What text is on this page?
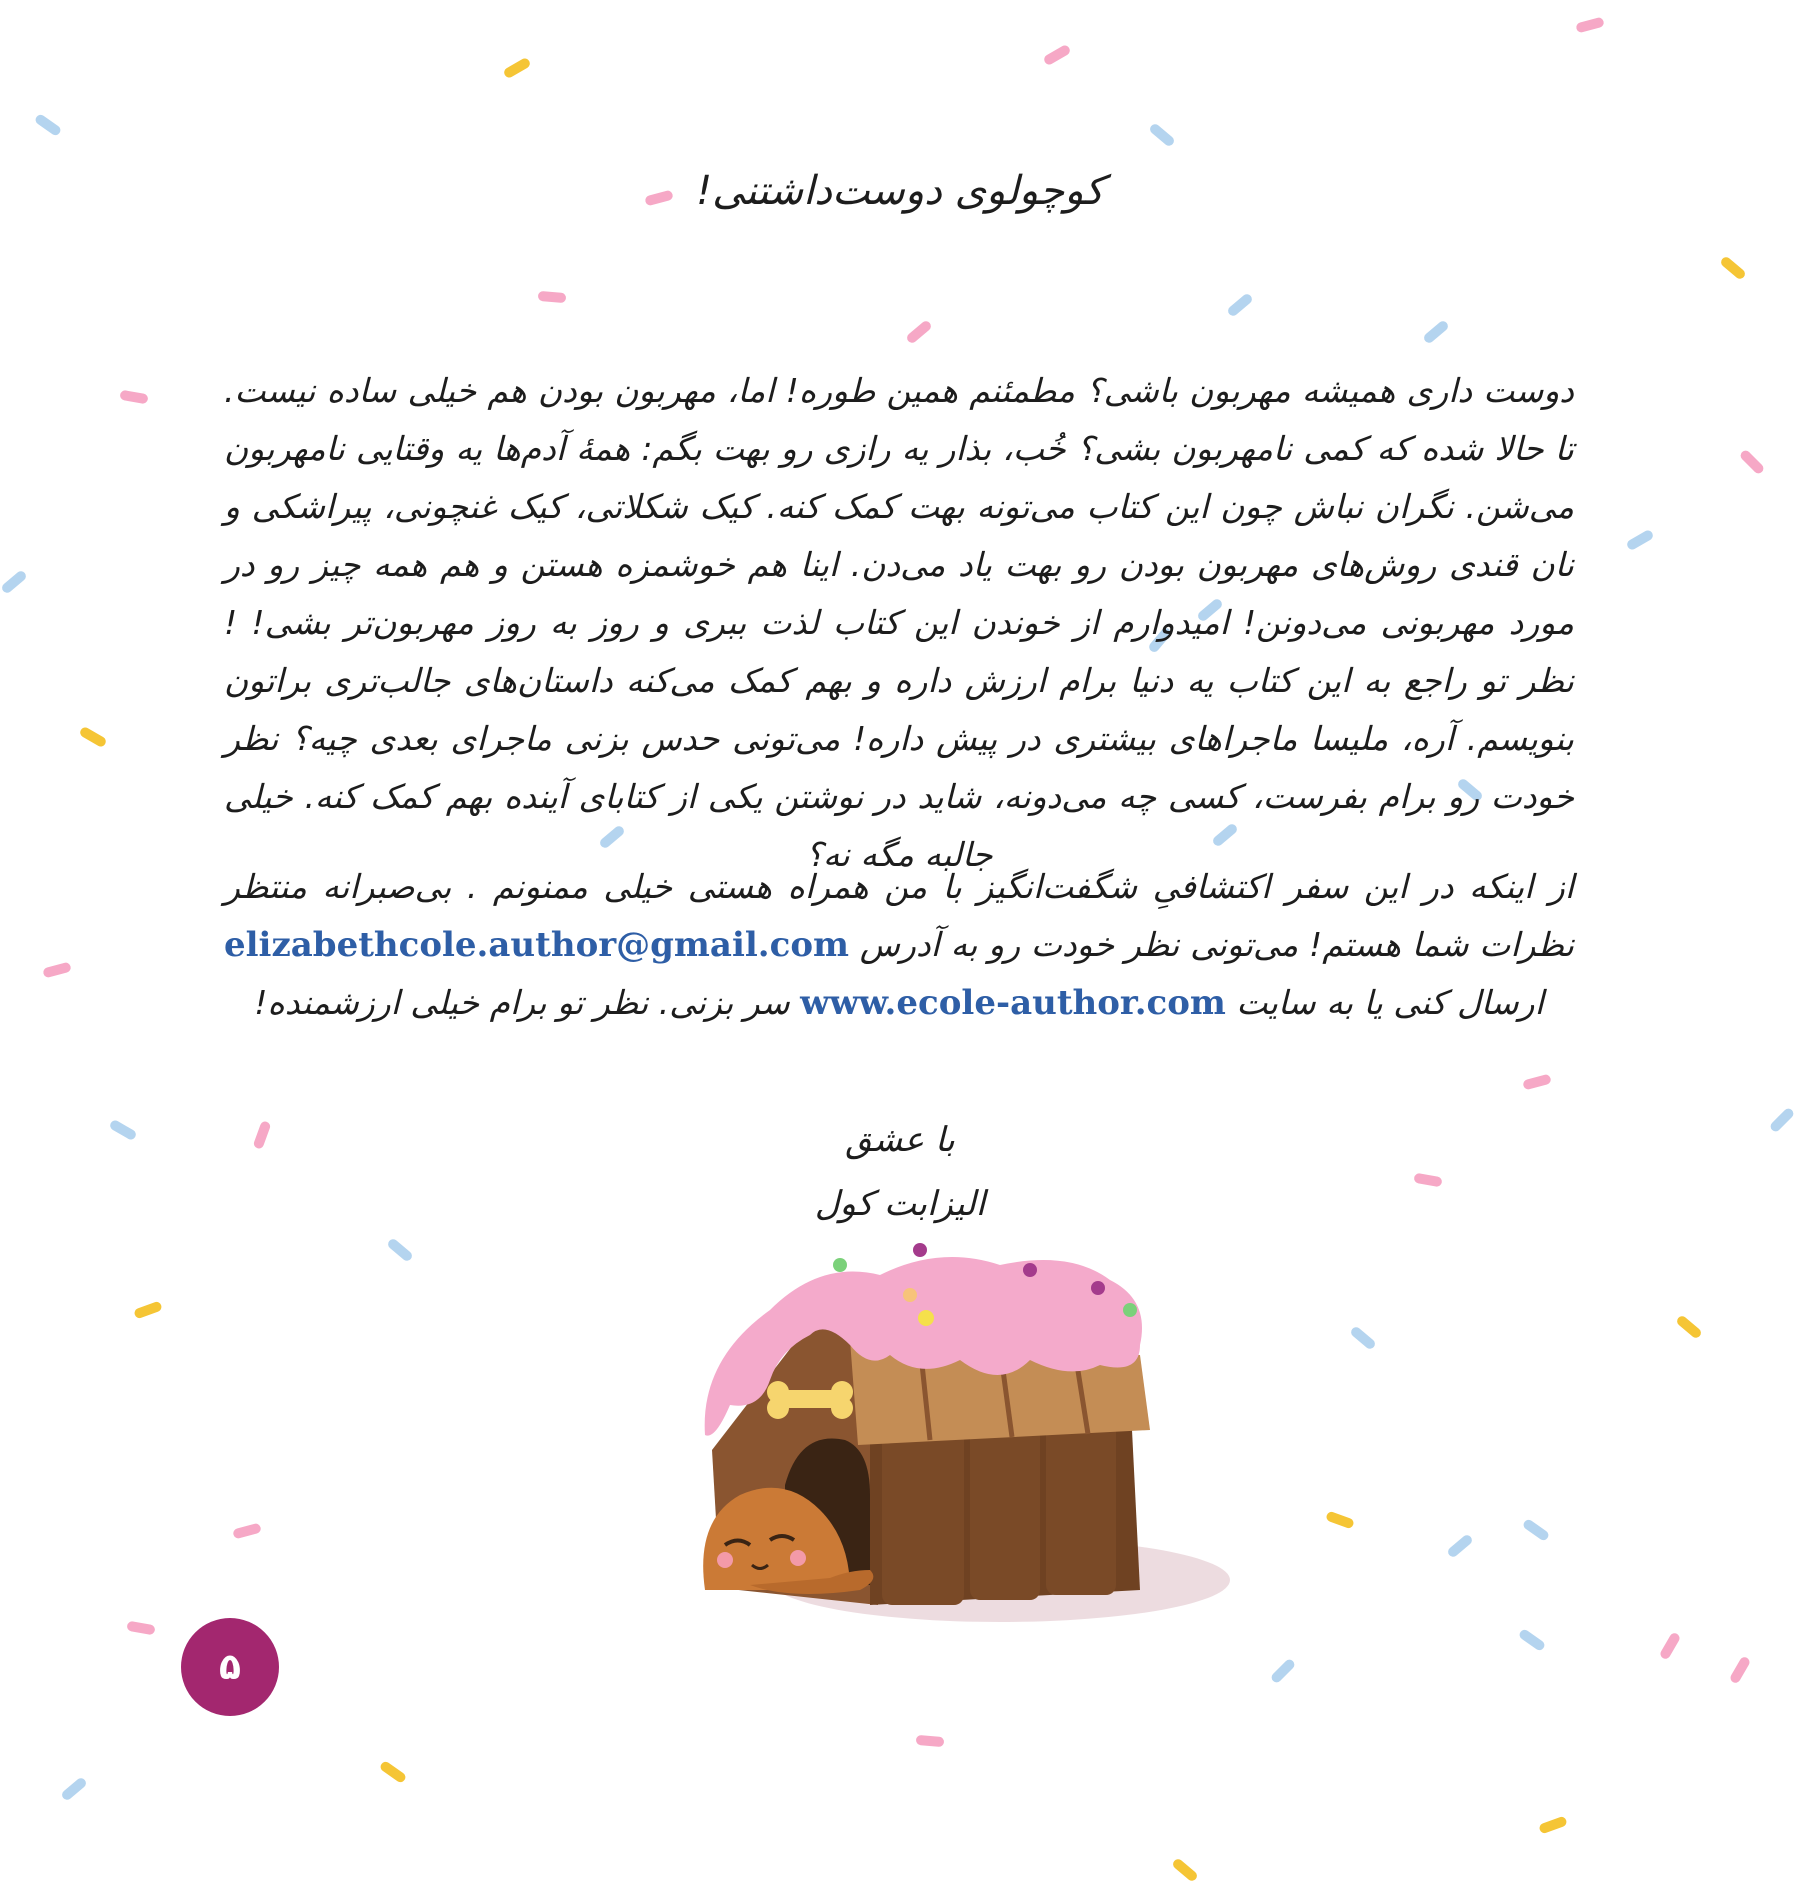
کوچولوی دوست‌داشتنی!

دوست داری همیشه مهربون باشی؟ مطمئنم همین طوره! اما، مهربون بودن هم خیلی ساده نیست. تا حالا شده که کمی نامهربون بشی؟ خُب، بذار یه رازی رو بهت بگم: همهٔ آدم‌ها یه وقتایی نامهربون می‌شن. نگران نباش چون این کتاب می‌تونه بهت کمک کنه. کیک شکلاتی، کیک غنچونی، پیراشکی و نان قندی روش‌های مهربون بودن رو بهت یاد می‌دن. اینا هم خوشمزه هستن و هم همه چیز رو در مورد مهربونی می‌دونن! امیدوارم از خوندن این کتاب لذت ببری و روز به روز مهربون‌تر بشی! ! نظر تو راجع به این کتاب یه دنیا برام ارزش داره و بهم کمک می‌کنه داستان‌های جالب‌تری براتون بنویسم. آره، ملیسا ماجراهای بیشتری در پیش داره! می‌تونی حدس بزنی ماجرای بعدی چیه؟ نظر خودت رو برام بفرست، کسی چه می‌دونه، شاید در نوشتن یکی از کتابای آینده بهم کمک کنه. خیلی جالبه مگه نه؟

از اینکه در این سفر اکتشافیِ شگفت‌انگیز با من همراه هستی خیلی ممنونم . بی‌صبرانه منتظر نظرات شما هستم! می‌تونی نظر خودت رو به آدرس elizabethcole.author@gmail.com ارسال کنی یا به سایت www.ecole-author.com سر بزنی. نظر تو برام خیلی ارزشمنده!

با عشق
الیزابت کول
۵
